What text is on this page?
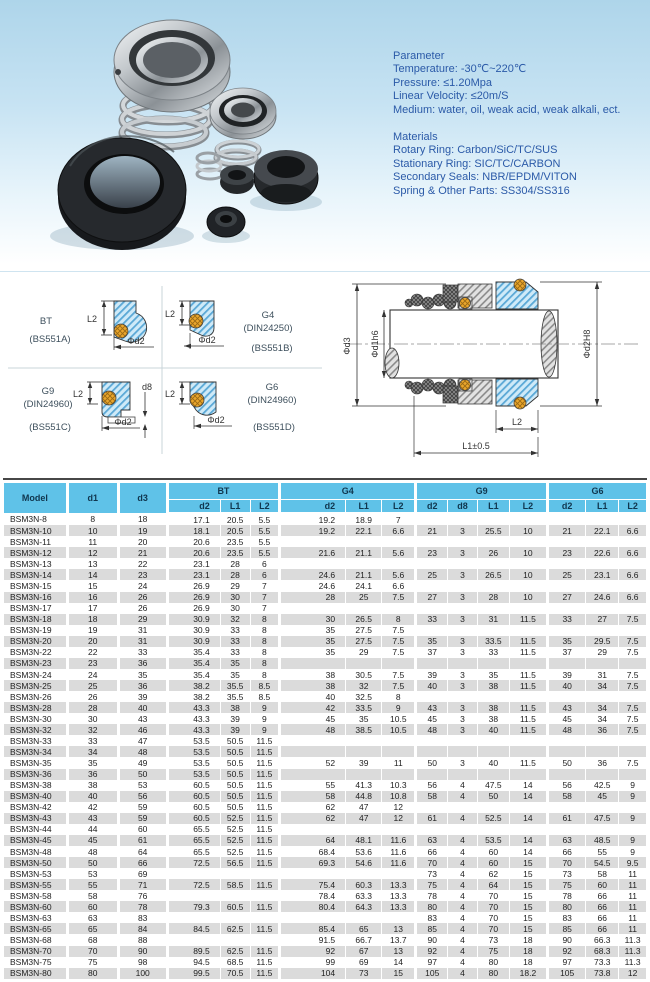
Parameter
Temperature: -30℃~220℃
Pressure: ≤1.20Mpa
Linear Velocity: ≤20m/S
Medium: water, oil, weak acid, weak alkali, ect.
Materials
Rotary Ring: Carbon/SiC/TC/SUS
Stationary Ring: SIC/TC/CARBON
Secondary Seals: NBR/EPDM/VITON
Spring & Other Parts: SS304/SS316
BT
(BS551A)
L2
Φd2
G4
(DIN24250)
(BS551B)
L2
Φd2
G9
(DIN24960)
(BS551C)
L2
d8
Φd2
G6
(DIN24960)
(BS551D)
L2
Φd2
Φd3 Φd1h6	Φd2H8
L2
L1±0.5
Model	d1	d3	BT			G4			G9				G6		
			d2	L1	L2	d2	L1	L2	d2	d8	L1	L2	d2	L1	L2
BSM3N-8	8	18	17.1	20.5	5.5	19.2	18.9	7							
BSM3N-10	10	19	18.1	20.5	5.5	19.2	22.1	6.6	21	3	25.5	10	21	22.1	6.6
BSM3N-11	11	20	20.6	23.5	5.5										
BSM3N-12	12	21	20.6	23.5	5.5	21.6	21.1	5.6	23	3	26	10	23	22.6	6.6
BSM3N-13	13	22	23.1	28	6										
BSM3N-14	14	23	23.1	28	6	24.6	21.1	5.6	25	3	26.5	10	25	23.1	6.6
BSM3N-15	15	24	26.9	29	7	24.6	24.1	6.6							
BSM3N-16	16	26	26.9	30	7	28	25	7.5	27	3	28	10	27	24.6	6.6
BSM3N-17	17	26	26.9	30	7										
BSM3N-18	18	29	30.9	32	8	30	26.5	8	33	3	31	11.5	33	27	7.5
BSM3N-19	19	31	30.9	33	8	35	27.5	7.5							
BSM3N-20	20	31	30.9	33	8	35	27.5	7.5	35	3	33.5	11.5	35	29.5	7.5
BSM3N-22	22	33	35.4	33	8	35	29	7.5	37	3	33	11.5	37	29	7.5
BSM3N-23	23	36	35.4	35	8										
BSM3N-24	24	35	35.4	35	8	38	30.5	7.5	39	3	35	11.5	39	31	7.5
BSM3N-25	25	36	38.2	35.5	8.5	38	32	7.5	40	3	38	11.5	40	34	7.5
BSM3N-26	26	39	38.2	35.5	8.5	40	32.5	8							
BSM3N-28	28	40	43.3	38	9	42	33.5	9	43	3	38	11.5	43	34	7.5
BSM3N-30	30	43	43.3	39	9	45	35	10.5	45	3	38	11.5	45	34	7.5
BSM3N-32	32	46	43.3	39	9	48	38.5	10.5	48	3	40	11.5	48	36	7.5
BSM3N-33	33	47	53.5	50.5	11.5										
BSM3N-34	34	48	53.5	50.5	11.5										
BSM3N-35	35	49	53.5	50.5	11.5	52	39	11	50	3	40	11.5	50	36	7.5
BSM3N-36	36	50	53.5	50.5	11.5										
BSM3N-38	38	53	60.5	50.5	11.5	55	41.3	10.3	56	4	47.5	14	56	42.5	9
BSM3N-40	40	56	60.5	50.5	11.5	58	44.8	10.8	58	4	50	14	58	45	9
BSM3N-42	42	59	60.5	50.5	11.5	62	47	12							
BSM3N-43	43	59	60.5	52.5	11.5	62	47	12	61	4	52.5	14	61	47.5	9
BSM3N-44	44	60	65.5	52.5	11.5										
BSM3N-45	45	61	65.5	52.5	11.5	64	48.1	11.6	63	4	53.5	14	63	48.5	9
BSM3N-48	48	64	65.5	52.5	11.5	68.4	53.6	11.6	66	4	60	14	66	55	9
BSM3N-50	50	66	72.5	56.5	11.5	69.3	54.6	11.6	70	4	60	15	70	54.5	9.5
BSM3N-53	53	69							73	4	62	15	73	58	11
BSM3N-55	55	71	72.5	58.5	11.5	75.4	60.3	13.3	75	4	64	15	75	60	11
BSM3N-58	58	76				78.4	63.3	13.3	78	4	70	15	78	66	11
BSM3N-60	60	78	79.3	60.5	11.5	80.4	64.3	13.3	80	4	70	15	80	66	11
BSM3N-63	63	83							83	4	70	15	83	66	11
BSM3N-65	65	84	84.5	62.5	11.5	85.4	65	13	85	4	70	15	85	66	11
BSM3N-68	68	88				91.5	66.7	13.7	90	4	73	18	90	66.3	11.3
BSM3N-70	70	90	89.5	62.5	11.5	92	67	13	92	4	75	18	92	68.3	11.3
BSM3N-75	75	98	94.5	68.5	11.5	99	69	14	97	4	80	18	97	73.3	11.3
BSM3N-80	80	100	99.5	70.5	11.5	104	73	15	105	4	80	18.2	105	73.8	12
